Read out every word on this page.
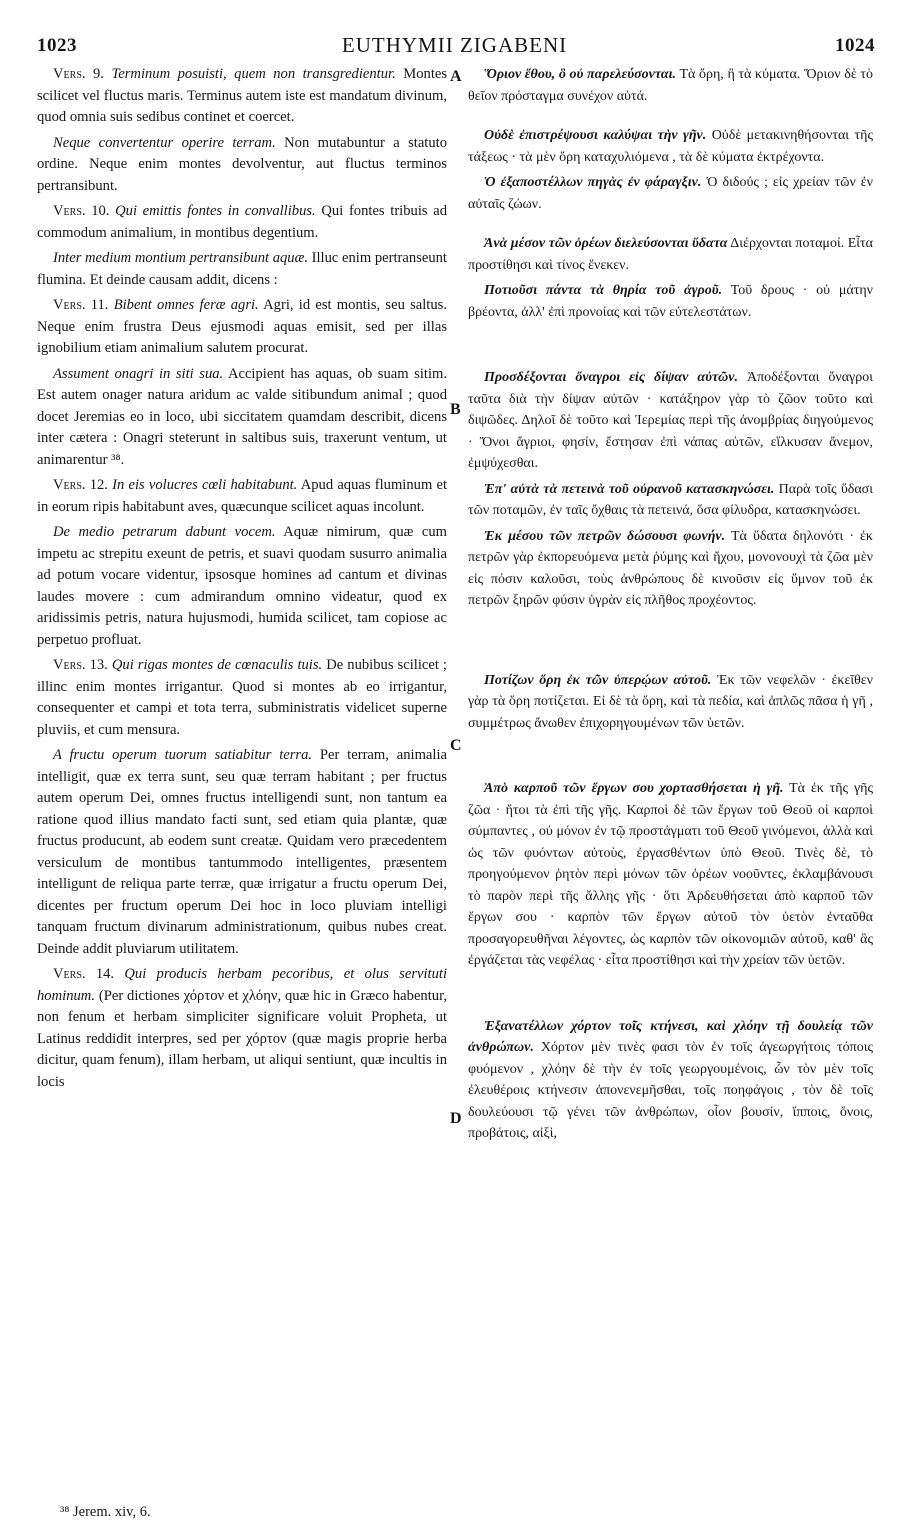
1023	EUTHYMII ZIGABENI	1024
A
B
C
D

Vers. 9. Terminum posuisti, quem non transgredientur. Montes scilicet vel fluctus maris. Terminus autem iste est mandatum divinum, quod omnia suis sedibus continet et coercet.

Neque convertentur operire terram. Non mutabuntur a statuto ordine. Neque enim montes devolventur, aut fluctus terminos pertransibunt.

Vers. 10. Qui emittis fontes in convallibus. Qui fontes tribuis ad commodum animalium, in montibus degentium.

Inter medium montium pertransibunt aquæ. Illuc enim pertranseunt flumina. Et deinde causam addit, dicens :

Vers. 11. Bibent omnes feræ agri. Agri, id est montis, seu saltus. Neque enim frustra Deus ejusmodi aquas emisit, sed per illas ignobilium etiam animalium salutem procurat.

Assument onagri in siti sua. Accipient has aquas, ob suam sitim. Est autem onager natura aridum ac valde sitibundum animal ; quod docet Jeremias eo in loco, ubi siccitatem quamdam describit, dicens inter cætera : Onagri steterunt in saltibus suis, traxerunt ventum, ut animarentur ³⁸.

Vers. 12. In eis volucres cœli habitabunt. Apud aquas fluminum et in eorum ripis habitabunt aves, quæcunque scilicet aquas incolunt.

De medio petrarum dabunt vocem. Aquæ nimirum, quæ cum impetu ac strepitu exeunt de petris, et suavi quodam susurro animalia ad potum vocare videntur, ipsosque homines ad cantum et divinas laudes movere : cum admirandum omnino videatur, quod ex aridissimis petris, natura hujusmodi, humida scilicet, tam copiose ac perpetuo profluat.

Vers. 13. Qui rigas montes de cœnaculis tuis. De nubibus scilicet ; illinc enim montes irrigantur. Quod si montes ab eo irrigantur, consequenter et campi et tota terra, subministratis videlicet superne pluviis, et cum mensura.

A fructu operum tuorum satiabitur terra. Per terram, animalia intelligit, quæ ex terra sunt, seu quæ terram habitant ; per fructus autem operum Dei, omnes fructus intelligendi sunt, non tantum ea ratione quod illius mandato facti sunt, sed etiam quia plantæ, quæ fructus producunt, ab eodem sunt creatæ. Quidam vero præcedentem versiculum de montibus tantummodo intelligentes, præsentem intelligunt de reliqua parte terræ, quæ irrigatur a fructu operum Dei, dicentes per fructum operum Dei hoc in loco pluviam intelligi tanquam fructum divinarum administrationum, quibus nubes creat. Deinde addit pluviarum utilitatem.

Vers. 14. Qui producis herbam pecoribus, et olus servituti hominum. (Per dictiones χόρτον et χλόην, quæ hic in Græco habentur, non fenum et herbam simpliciter significare voluit Propheta, ut Latinus reddidit interpres, sed per χόρτον (quæ magis proprie herba dicitur, quam fenum), illam herbam, ut aliqui sentiunt, quæ incultis in locis

Ὅριον ἔθου, ὃ οὐ παρελεύσονται. Τὰ ὄρη, ἢ τὰ κύματα. Ὅριον δὲ τὸ θεῖον πρόσταγμα συνέχον αὐτά.

Οὐδὲ ἐπιστρέψουσι καλύψαι τὴν γῆν. Οὐδὲ μετακινηθήσονται τῆς τάξεως · τὰ μὲν ὄρη καταχυλιόμενα , τὰ δὲ κύματα ἐκτρέχοντα.

Ὁ ἐξαποστέλλων πηγὰς ἐν φάραγξιν. Ὁ διδούς ; εἰς χρείαν τῶν ἐν αὐταῖς ζώων.

Ἀνὰ μέσον τῶν ὀρέων διελεύσονται ὕδατα Διέρχονται ποταμοί. Εἶτα προστίθησι καὶ τίνος ἕνεκεν.

Ποτιοῦσι πάντα τὰ θηρία τοῦ ἀγροῦ. Τοῦ δρους · οὐ μάτην βρέοντα, ἀλλ' ἐπὶ προνοίας καὶ τῶν εὐτελεστάτων.

Προσδέξονται ὄναγροι εἰς δίψαν αὐτῶν. Ἀποδέξονται ὄναγροι ταῦτα διὰ τὴν δίψαν αὐτῶν · κατάξηρον γὰρ τὸ ζῶον τοῦτο καὶ διψῶδες. Δηλοῖ δὲ τοῦτο καὶ Ἱερεμίας περὶ τῆς ἀνομβρίας διηγούμενος · Ὄνοι ἄγριοι, φησίν, ἔστησαν ἐπὶ νάπας αὐτῶν, εἵλκυσαν ἄνεμον, ἐμψύχεσθαι.

Ἐπ' αὐτὰ τὰ πετεινὰ τοῦ οὐρανοῦ κατασκηνώσει. Παρὰ τοῖς ὕδασι τῶν ποταμῶν, ἐν ταῖς ὄχθαις τὰ πετεινά, ὅσα φίλυδρα, κατασκηνώσει.

Ἐκ μέσου τῶν πετρῶν δώσουσι φωνήν. Τὰ ὕδατα δηλονότι · ἐκ πετρῶν γὰρ ἐκπορευόμενα μετὰ ῥύμης καὶ ἤχου, μονονουχὶ τὰ ζῶα μὲν εἰς πόσιν καλοῦσι, τοὺς ἀνθρώπους δὲ κινοῦσιν εἰς ὕμνον τοῦ ἐκ πετρῶν ξηρῶν φύσιν ὑγρὰν εἰς πλῆθος προχέοντος.

Ποτίζων ὄρη ἐκ τῶν ὑπερῴων αὐτοῦ. Ἐκ τῶν νεφελῶν · ἐκεῖθεν γὰρ τὰ ὄρη ποτίζεται. Εἰ δὲ τὰ ὄρη, καὶ τὰ πεδία, καὶ ἁπλῶς πᾶσα ἡ γῆ , συμμέτρως ἄνωθεν ἐπιχορηγουμένων τῶν ὑετῶν.

Ἀπὸ καρποῦ τῶν ἔργων σου χορτασθήσεται ἡ γῆ. Τὰ ἐκ τῆς γῆς ζῶα · ἤτοι τὰ ἐπὶ τῆς γῆς. Καρποὶ δὲ τῶν ἔργων τοῦ Θεοῦ οἱ καρποὶ σύμπαντες , οὐ μόνον ἐν τῷ προστάγματι τοῦ Θεοῦ γινόμενοι, ἀλλὰ καὶ ὡς τῶν φυόντων αὐτοὺς, ἐργασθέντων ὑπὸ Θεοῦ. Τινὲς δὲ, τὸ προηγούμενον ῥητὸν περὶ μόνων τῶν ὀρέων νοοῦντες, ἐκλαμβάνουσι τὸ παρὸν περὶ τῆς ἄλλης γῆς · ὅτι Ἀρδευθήσεται ἀπὸ καρποῦ τῶν ἔργων σου · καρπὸν τῶν ἔργων αὐτοῦ τὸν ὑετὸν ἐνταῦθα προσαγορευθῆναι λέγοντες, ὡς καρπὸν τῶν οἰκονομιῶν αὐτοῦ, καθ' ἃς ἐργάζεται τὰς νεφέλας · εἶτα προστίθησι καὶ τὴν χρείαν τῶν ὑετῶν.

Ἐξανατέλλων χόρτον τοῖς κτήνεσι, καὶ χλόην τῇ δουλείᾳ τῶν ἀνθρώπων. Χόρτον μὲν τινὲς φασι τὸν ἐν τοῖς ἀγεωργήτοις τόποις φυόμενον , χλόην δὲ τὴν ἐν τοῖς γεωργουμένοις, ὧν τὸν μὲν τοῖς ἐλευθέροις κτήνεσιν ἀπονενεμῆσθαι, τοῖς ποηφάγοις , τὸν δὲ τοῖς δουλεύουσι τῷ γένει τῶν ἀνθρώπων, οἷον βουσίν, ἵπποις, ὄνοις, προβάτοις, αἰξὶ,

³⁸ Jerem. xiv, 6.
